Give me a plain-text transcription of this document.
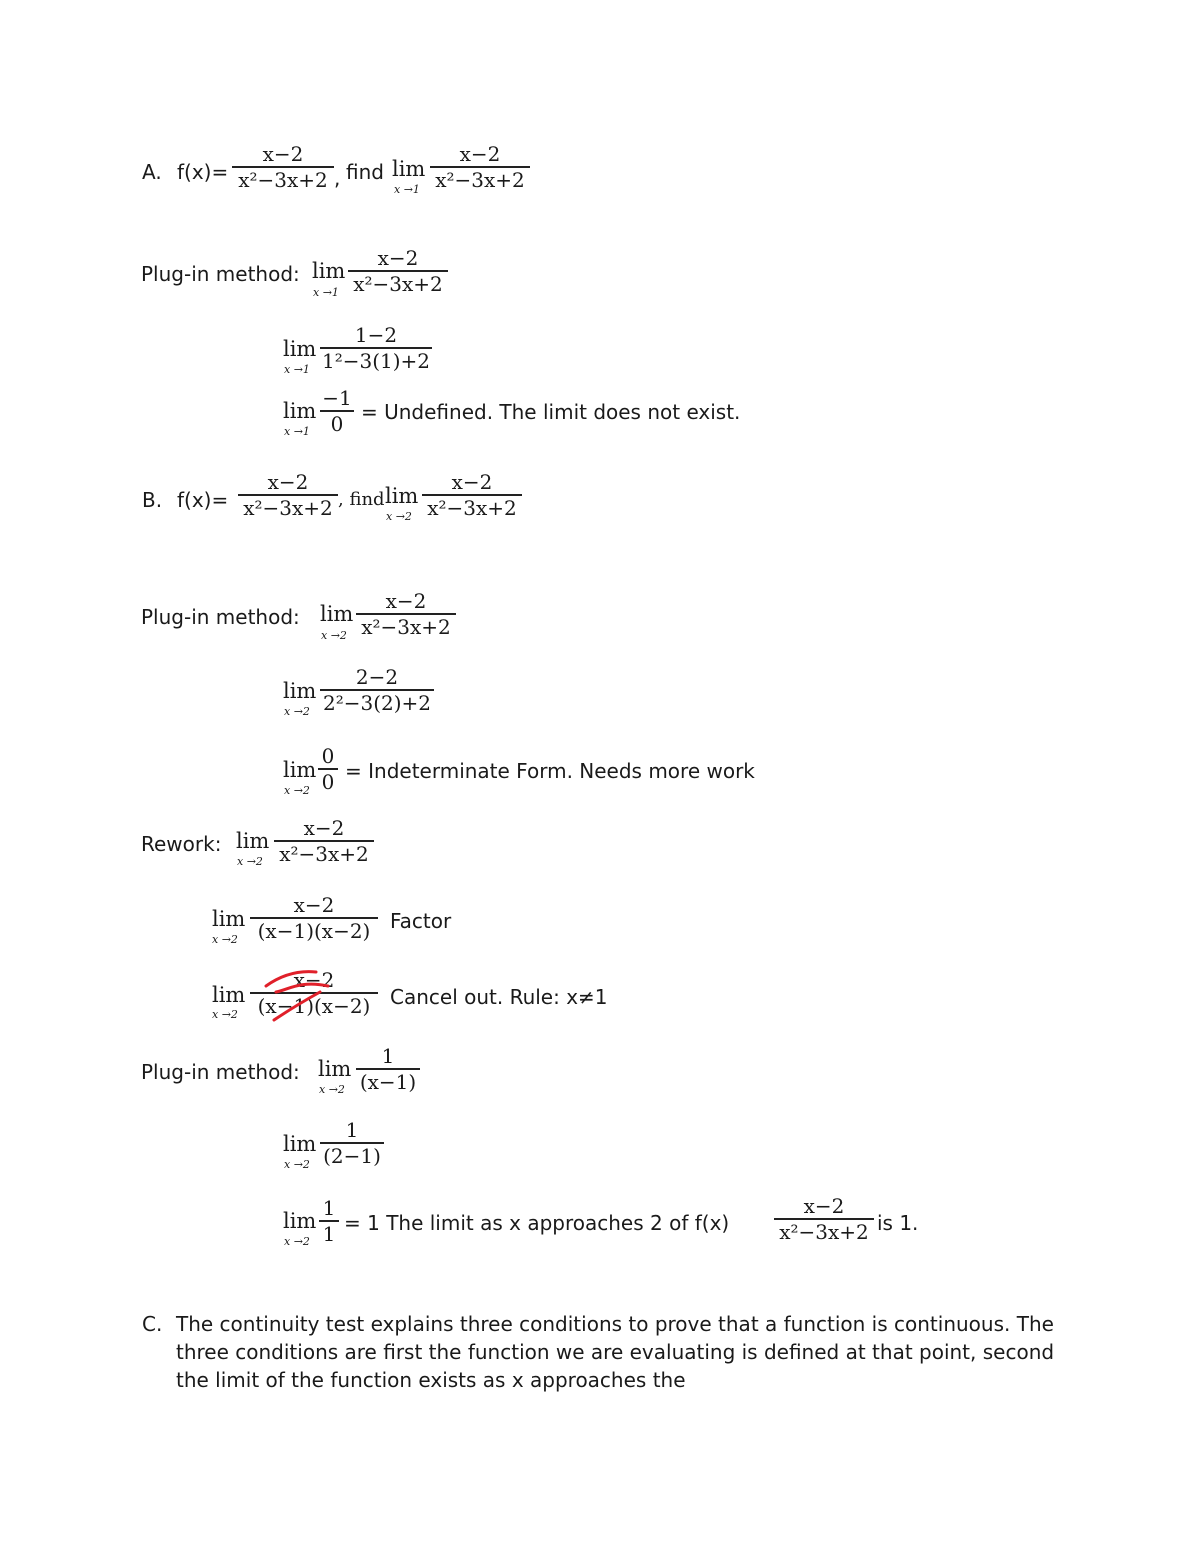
A. f(x)=
x−2
x²−3x+2 , find lim
x →1
x−2
x²−3x+2
Plug-in method: lim
x →1
x−2
x²−3x+2
lim
x →1
1−2
1²−3(1)+2
lim
x →1
−1
0 = Undefined. The limit does not exist.
B. f(x)=
x−2
x²−3x+2 , find lim
x →2
x−2
x²−3x+2
Plug-in method: lim
x →2
x−2
x²−3x+2
lim
x →2
2−2
2²−3(2)+2
lim
x →2
0
0 = Indeterminate Form. Needs more work
Rework: lim
x →2
x−2
x²−3x+2
lim
x →2
x−2
(x−1)(x−2) Factor
lim
x →2
x−2
(x−1)(x−2) Cancel out. Rule: x≠1
Plug-in method: lim
x →2
1
(x−1)
lim
x →2
1
(2−1)
lim
x →2
1
1 = 1 The limit as x approaches 2 of f(x)
x−2
x²−3x+2 is 1.
C. The continuity test explains three conditions to prove that a function is continuous. The three conditions are first the function we are evaluating is defined at that point, second the limit of the function exists as x approaches the
